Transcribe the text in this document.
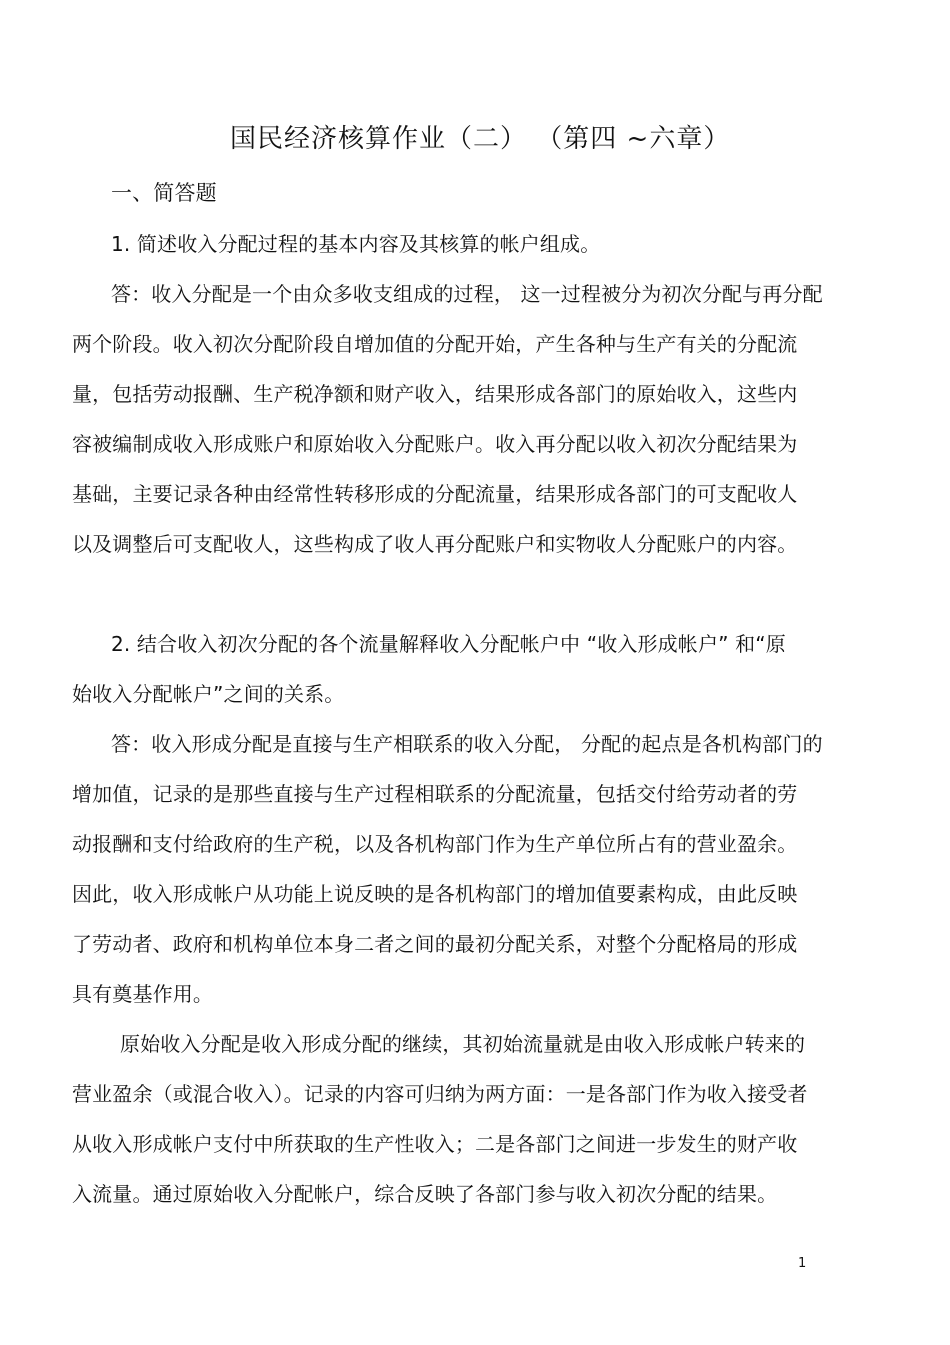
国民经济核算作业（二） （第四 ~六章）
一、简答题
1. 简述收入分配过程的基本内容及其核算的帐户组成。
答：收入分配是一个由众多收支组成的过程， 这一过程被分为初次分配与再分配
两个阶段。收入初次分配阶段自增加值的分配开始，产生各种与生产有关的分配流
量，包括劳动报酬、生产税净额和财产收入，结果形成各部门的原始收入，这些内
容被编制成收入形成账户和原始收入分配账户。收入再分配以收入初次分配结果为
基础，主要记录各种由经常性转移形成的分配流量，结果形成各部门的可支配收人
以及调整后可支配收人，这些构成了收人再分配账户和实物收人分配账户的内容。
2. 结合收入初次分配的各个流量解释收入分配帐户中 “收入形成帐户” 和“原
始收入分配帐户”之间的关系。
答：收入形成分配是直接与生产相联系的收入分配， 分配的起点是各机构部门的
增加值，记录的是那些直接与生产过程相联系的分配流量，包括交付给劳动者的劳
动报酬和支付给政府的生产税，以及各机构部门作为生产单位所占有的营业盈余。
因此，收入形成帐户从功能上说反映的是各机构部门的增加值要素构成，由此反映
了劳动者、政府和机构单位本身二者之间的最初分配关系，对整个分配格局的形成
具有奠基作用。
原始收入分配是收入形成分配的继续，其初始流量就是由收入形成帐户转来的
营业盈余（或混合收入）。记录的内容可归纳为两方面：一是各部门作为收入接受者
从收入形成帐户支付中所获取的生产性收入；二是各部门之间进一步发生的财产收
入流量。通过原始收入分配帐户，综合反映了各部门参与收入初次分配的结果。
1
